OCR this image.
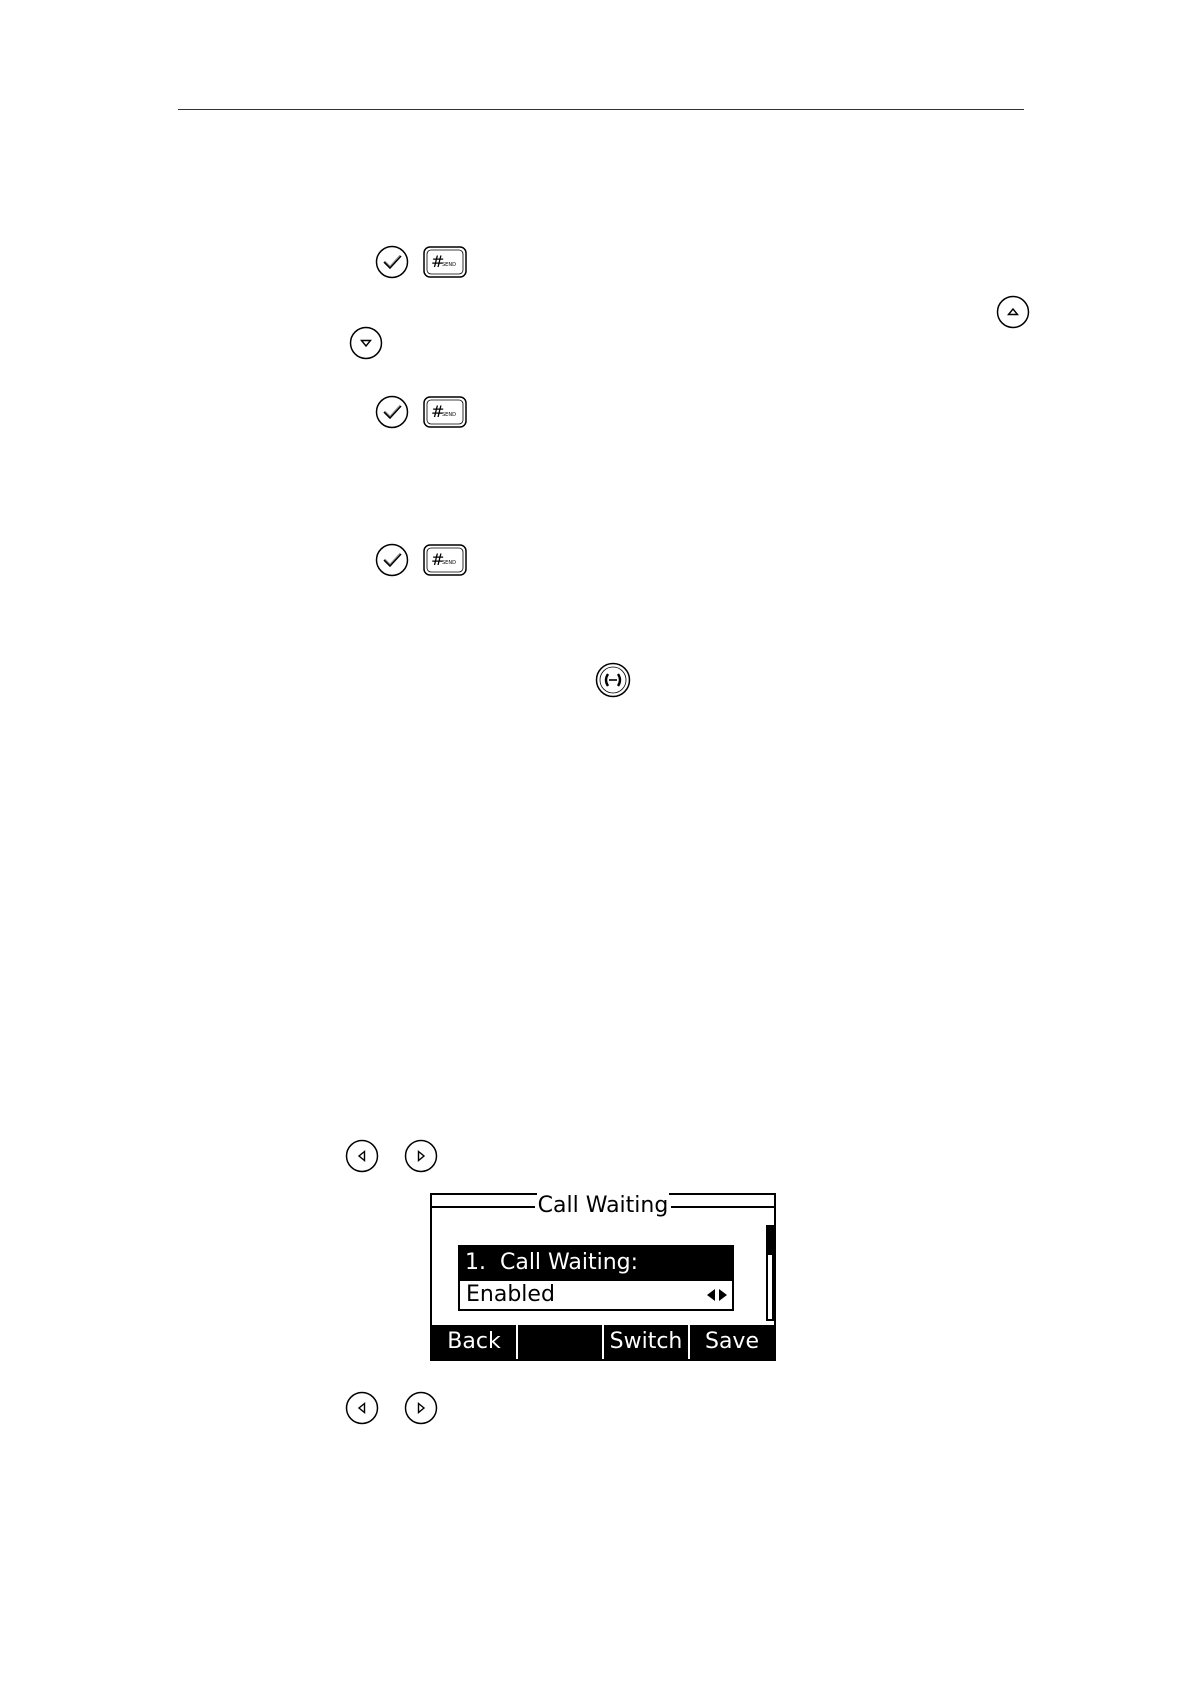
#
SEND
#
SEND
#
SEND
Call Waiting
1.  Call Waiting:
Enabled
Back	Switch	Save
